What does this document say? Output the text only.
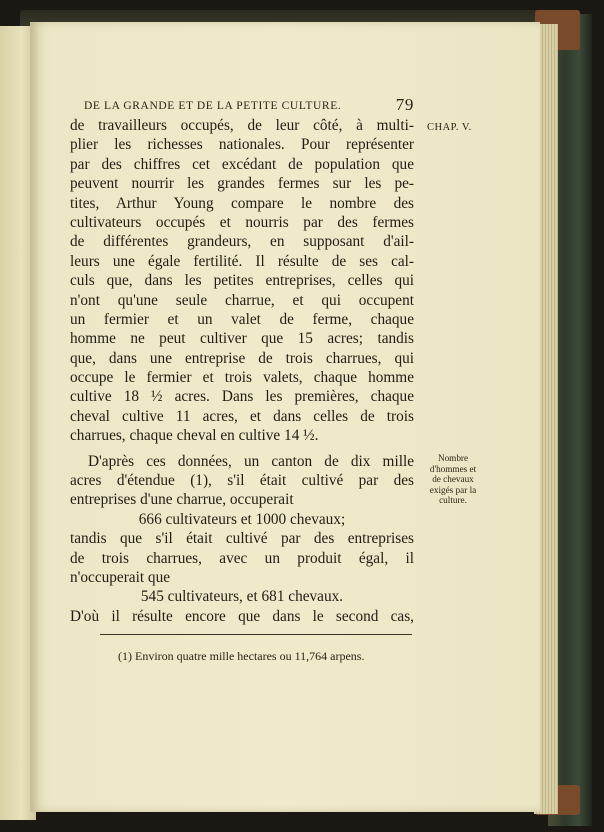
DE LA GRANDE ET DE LA PETITE CULTURE.	79
CHAP. V.
Nombre
d'hommes et
de chevaux
exigés par la
culture.
de travailleurs occupés, de leur côté, à multi-
plier les richesses nationales. Pour représenter
par des chiffres cet excédant de population que
peuvent nourrir les grandes fermes sur les pe-
tites, Arthur Young compare le nombre des
cultivateurs occupés et nourris par des fermes
de différentes grandeurs, en supposant d'ail-
leurs une égale fertilité. Il résulte de ses cal-
culs que, dans les petites entreprises, celles qui
n'ont qu'une seule charrue, et qui occupent
un fermier et un valet de ferme, chaque
homme ne peut cultiver que 15 acres; tandis
que, dans une entreprise de trois charrues, qui
occupe le fermier et trois valets, chaque homme
cultive 18 ½ acres. Dans les premières, chaque
cheval cultive 11 acres, et dans celles de trois
charrues, chaque cheval en cultive 14 ½.
D'après ces données, un canton de dix mille
acres d'étendue (1), s'il était cultivé par des
entreprises d'une charrue, occuperait
666 cultivateurs et 1000 chevaux;
tandis que s'il était cultivé par des entreprises
de trois charrues, avec un produit égal, il
n'occuperait que
545 cultivateurs, et 681 chevaux.
D'où il résulte encore que dans le second cas,
(1) Environ quatre mille hectares ou 11,764 arpens.
